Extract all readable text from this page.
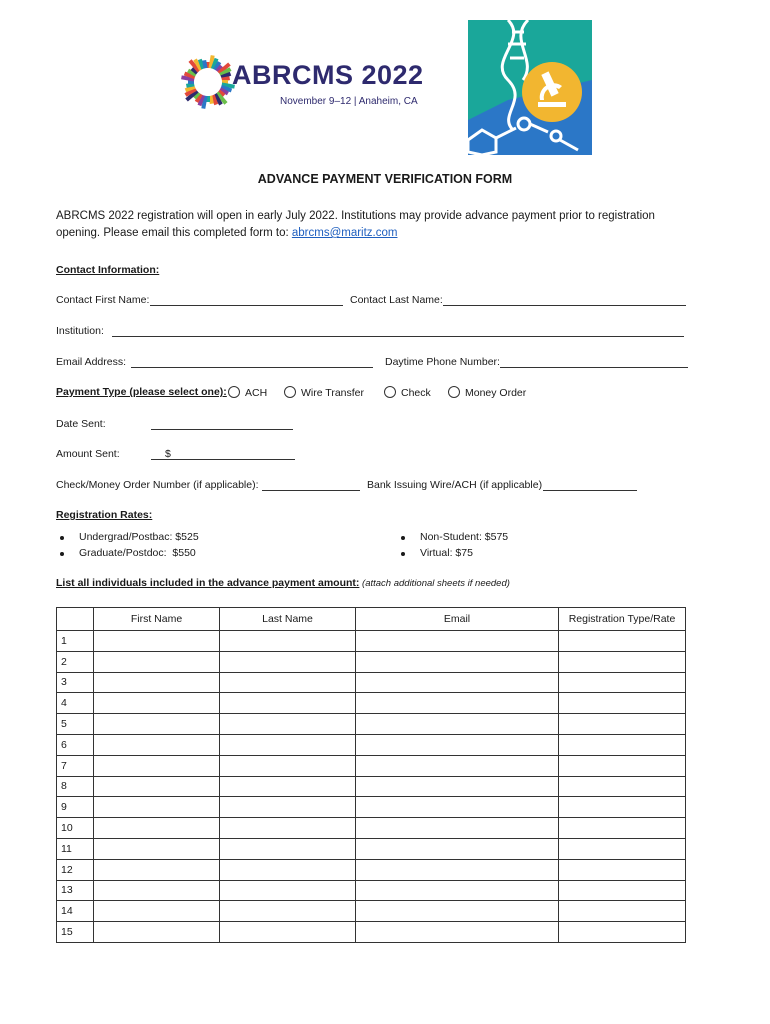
ABRCMS 2022
November 9–12 | Anaheim, CA
ADVANCE PAYMENT VERIFICATION FORM
ABRCMS 2022 registration will open in early July 2022. Institutions may provide advance payment prior to registration opening. Please email this completed form to: abrcms@maritz.com
Contact Information:
Contact First Name:	Contact Last Name:
Institution:
Email Address:	Daytime Phone Number:
Payment Type (please select one):	ACH	Wire Transfer	Check	Money Order
Date Sent:
Amount Sent:	$
Check/Money Order Number (if applicable):	Bank Issuing Wire/ACH (if applicable)
Registration Rates:
Undergrad/Postbac: $525
Graduate/Postdoc:  $550
Non-Student: $575
Virtual: $75
List all individuals included in the advance payment amount: (attach additional sheets if needed)
	First Name	Last Name	Email	Registration Type/Rate
1				
2				
3				
4				
5				
6				
7				
8				
9				
10				
11				
12				
13				
14				
15				
